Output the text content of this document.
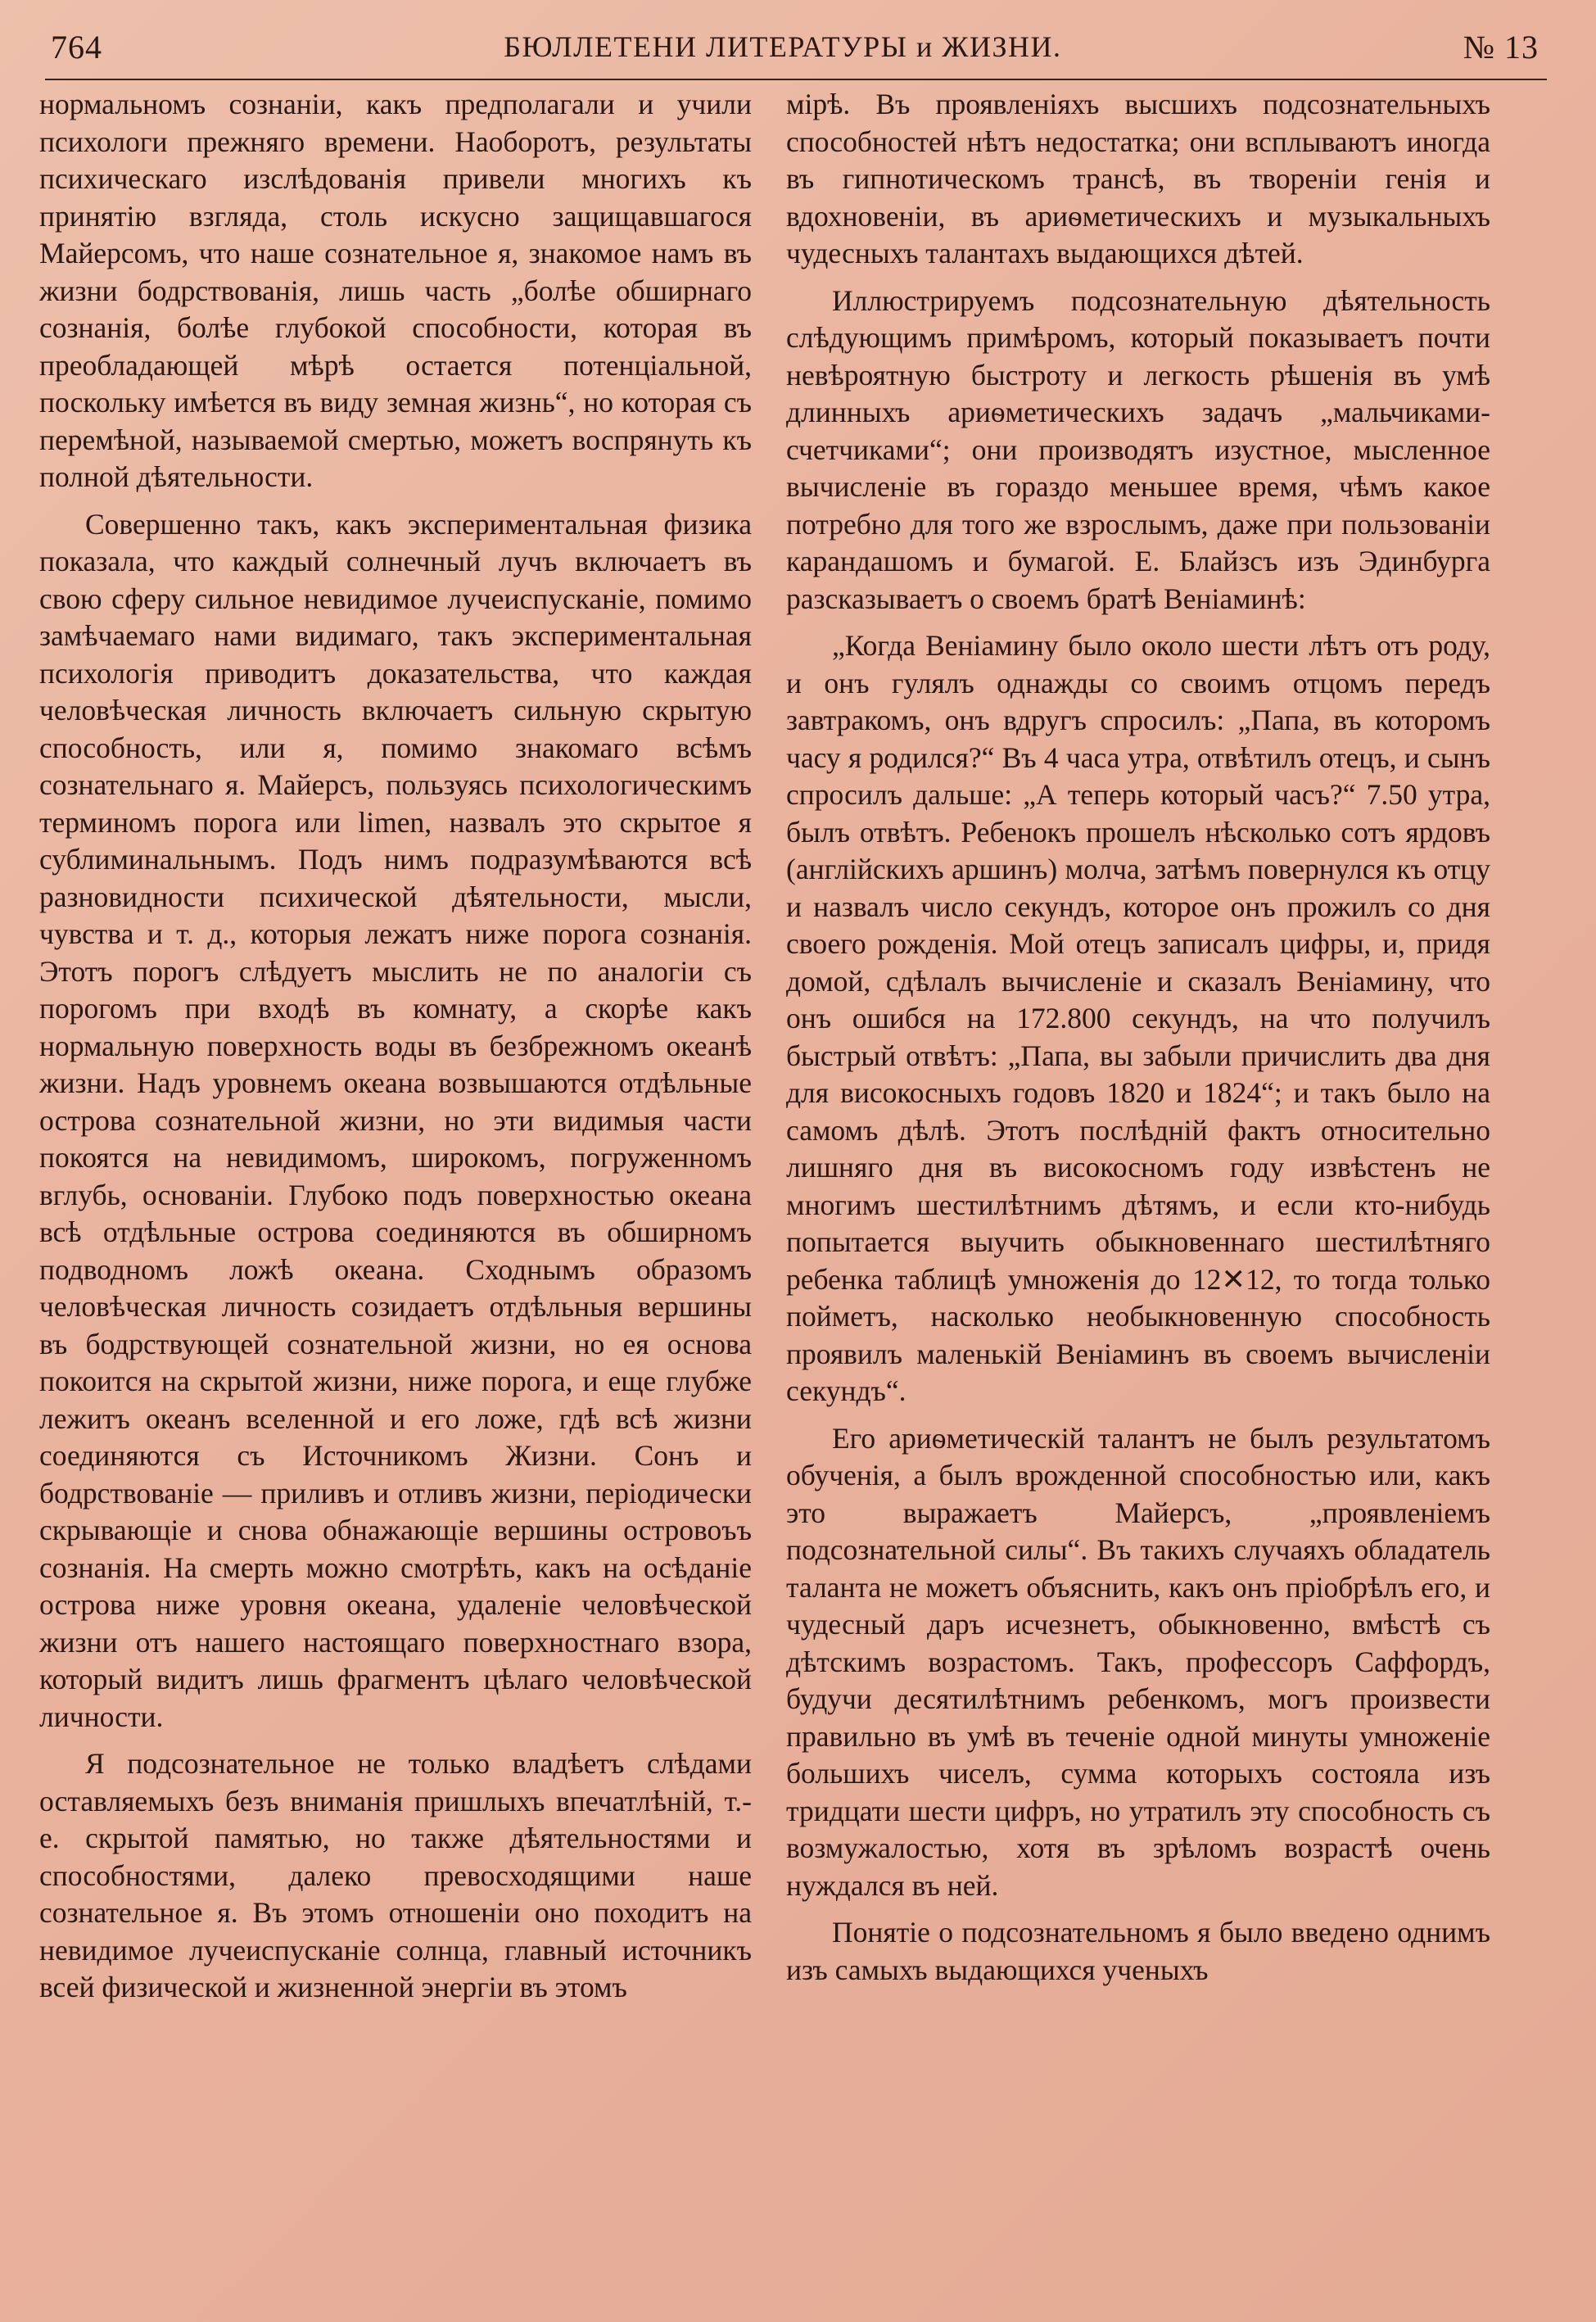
764	БЮЛЛЕТЕНИ ЛИТЕРАТУРЫ и ЖИЗНИ.	№ 13

нормальномъ сознанiи, какъ предполагали и учили психологи прежняго времени. Наоборотъ, результаты психическаго изслѣдованiя привели многихъ къ принятiю взгляда, столь искусно защищавшагося Майерсомъ, что наше сознательное я, знакомое намъ въ жизни бодрствованiя, лишь часть „болѣе обширнаго сознанiя, болѣе глубокой способности, которая въ преобладающей мѣрѣ остается потенцiальной, поскольку имѣется въ виду земная жизнь“, но которая съ перемѣной, называемой смертью, можетъ воспрянуть къ полной дѣятельности.

Совершенно такъ, какъ экспериментальная физика показала, что каждый солнечный лучъ включаетъ въ свою сферу сильное невидимое лучеиспусканiе, помимо замѣчаемаго нами видимаго, такъ экспериментальная психологiя приводитъ доказательства, что каждая человѣческая личность включаетъ сильную скрытую способность, или я, помимо знакомаго всѣмъ сознательнаго я. Майерсъ, пользуясь психологическимъ терминомъ порога или limen, назвалъ это скрытое я сублиминальнымъ. Подъ нимъ подразумѣваются всѣ разновидности психической дѣятельности, мысли, чувства и т. д., которыя лежатъ ниже порога сознанiя. Этотъ порогъ слѣдуетъ мыслить не по аналогiи съ порогомъ при входѣ въ комнату, а скорѣе какъ нормальную поверхность воды въ безбрежномъ океанѣ жизни. Надъ уровнемъ океана возвышаются отдѣльные острова сознательной жизни, но эти видимыя части покоятся на невидимомъ, широкомъ, погруженномъ вглубь, основанiи. Глубоко подъ поверхностью океана всѣ отдѣльные острова соединяются въ обширномъ подводномъ ложѣ океана. Сходнымъ образомъ человѣческая личность созидаетъ отдѣльныя вершины въ бодрствующей сознательной жизни, но ея основа покоится на скрытой жизни, ниже порога, и еще глубже лежитъ океанъ вселенной и его ложе, гдѣ всѣ жизни соединяются съ Источникомъ Жизни. Сонъ и бодрствованiе — приливъ и отливъ жизни, перiодически скрывающiе и снова обнажающiе вершины островоъъ сознанiя. На смерть можно смотрѣть, какъ на осѣданiе острова ниже уровня океана, удаленiе человѣческой жизни отъ нашего настоящаго поверхностнаго взора, который видитъ лишь фрагментъ цѣлаго человѣческой личности.

Я подсознательное не только владѣетъ слѣдами оставляемыхъ безъ вниманiя пришлыхъ впечатлѣнiй, т.-е. скрытой памятью, но также дѣятельностями и способностями, далеко превосходящими наше сознательное я. Въ этомъ отношенiи оно походитъ на невидимое лучеиспусканiе солнца, главный источникъ всей физической и жизненной энергiи въ этомъ

мiрѣ. Въ проявленiяхъ высшихъ подсознательныхъ способностей нѣтъ недостатка; они всплываютъ иногда въ гипнотическомъ трансѣ, въ творенiи генiя и вдохновенiи, въ ариѳметическихъ и музыкальныхъ чудесныхъ талантахъ выдающихся дѣтей.

Иллюстрируемъ подсознательную дѣятельность слѣдующимъ примѣромъ, который показываетъ почти невѣроятную быстроту и легкость рѣшенiя въ умѣ длинныхъ ариѳметическихъ задачъ „мальчиками-счетчиками“; они производятъ изустное, мысленное вычисленiе въ гораздо меньшее время, чѣмъ какое потребно для того же взрослымъ, даже при пользованiи карандашомъ и бумагой. Е. Блайзсъ изъ Эдинбурга разсказываетъ о своемъ братѣ Венiаминѣ:

„Когда Венiамину было около шести лѣтъ отъ роду, и онъ гулялъ однажды со своимъ отцомъ передъ завтракомъ, онъ вдругъ спросилъ: „Папа, въ которомъ часу я родился?“ Въ 4 часа утра, отвѣтилъ отецъ, и сынъ спросилъ дальше: „А теперь который часъ?“ 7.50 утра, былъ отвѣтъ. Ребенокъ прошелъ нѣсколько сотъ ярдовъ (англiйскихъ аршинъ) молча, затѣмъ повернулся къ отцу и назвалъ число секундъ, которое онъ прожилъ со дня своего рожденiя. Мой отецъ записалъ цифры, и, придя домой, сдѣлалъ вычисленiе и сказалъ Венiамину, что онъ ошибся на 172.800 секундъ, на что получилъ быстрый отвѣтъ: „Папа, вы забыли причислить два дня для високосныхъ годовъ 1820 и 1824“; и такъ было на самомъ дѣлѣ. Этотъ послѣднiй фактъ относительно лишняго дня въ високосномъ году извѣстенъ не многимъ шестилѣтнимъ дѣтямъ, и если кто-нибудь попытается выучить обыкновеннаго шестилѣтняго ребенка таблицѣ умноженiя до 12✕12, то тогда только пойметъ, насколько необыкновенную способность проявилъ маленькiй Венiаминъ въ своемъ вычисленiи секундъ“.

Его ариѳметическiй талантъ не былъ результатомъ обученiя, а былъ врожденной способностью или, какъ это выражаетъ Майерсъ, „проявленiемъ подсознательной силы“. Въ такихъ случаяхъ обладатель таланта не можетъ объяснить, какъ онъ прiобрѣлъ его, и чудесный даръ исчезнетъ, обыкновенно, вмѣстѣ съ дѣтскимъ возрастомъ. Такъ, профессоръ Саффордъ, будучи десятилѣтнимъ ребенкомъ, могъ произвести правильно въ умѣ въ теченiе одной минуты умноженiе большихъ чиселъ, сумма которыхъ состояла изъ тридцати шести цифръ, но утратилъ эту способность съ возмужалостью, хотя въ зрѣломъ возрастѣ очень нуждался въ ней.

Понятiе о подсознательномъ я было введено однимъ изъ самыхъ выдающихся ученыхъ
